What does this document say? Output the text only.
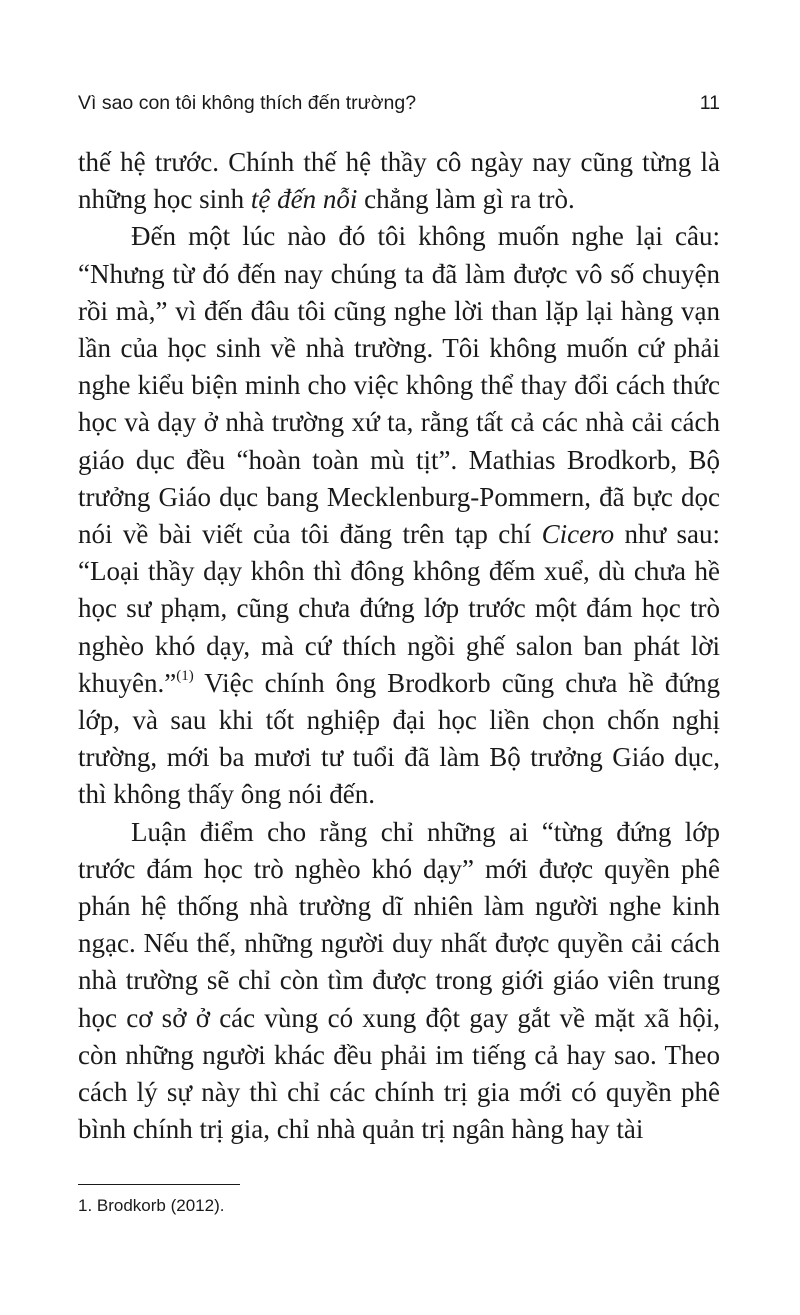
Vì sao con tôi không thích đến trường?	11

thế hệ trước. Chính thế hệ thầy cô ngày nay cũng từng là những học sinh tệ đến nỗi chẳng làm gì ra trò.

Đến một lúc nào đó tôi không muốn nghe lại câu: “Nhưng từ đó đến nay chúng ta đã làm được vô số chuyện rồi mà,” vì đến đâu tôi cũng nghe lời than lặp lại hàng vạn lần của học sinh về nhà trường. Tôi không muốn cứ phải nghe kiểu biện minh cho việc không thể thay đổi cách thức học và dạy ở nhà trường xứ ta, rằng tất cả các nhà cải cách giáo dục đều “hoàn toàn mù tịt”. Mathias Brodkorb, Bộ trưởng Giáo dục bang Mecklenburg-Pommern, đã bực dọc nói về bài viết của tôi đăng trên tạp chí Cicero như sau: “Loại thầy dạy khôn thì đông không đếm xuể, dù chưa hề học sư phạm, cũng chưa đứng lớp trước một đám học trò nghèo khó dạy, mà cứ thích ngồi ghế salon ban phát lời khuyên.”$^{(1)}$ Việc chính ông Brodkorb cũng chưa hề đứng lớp, và sau khi tốt nghiệp đại học liền chọn chốn nghị trường, mới ba mươi tư tuổi đã làm Bộ trưởng Giáo dục, thì không thấy ông nói đến.

Luận điểm cho rằng chỉ những ai “từng đứng lớp trước đám học trò nghèo khó dạy” mới được quyền phê phán hệ thống nhà trường dĩ nhiên làm người nghe kinh ngạc. Nếu thế, những người duy nhất được quyền cải cách nhà trường sẽ chỉ còn tìm được trong giới giáo viên trung học cơ sở ở các vùng có xung đột gay gắt về mặt xã hội, còn những người khác đều phải im tiếng cả hay sao. Theo cách lý sự này thì chỉ các chính trị gia mới có quyền phê bình chính trị gia, chỉ nhà quản trị ngân hàng hay tài

1. Brodkorb (2012).
